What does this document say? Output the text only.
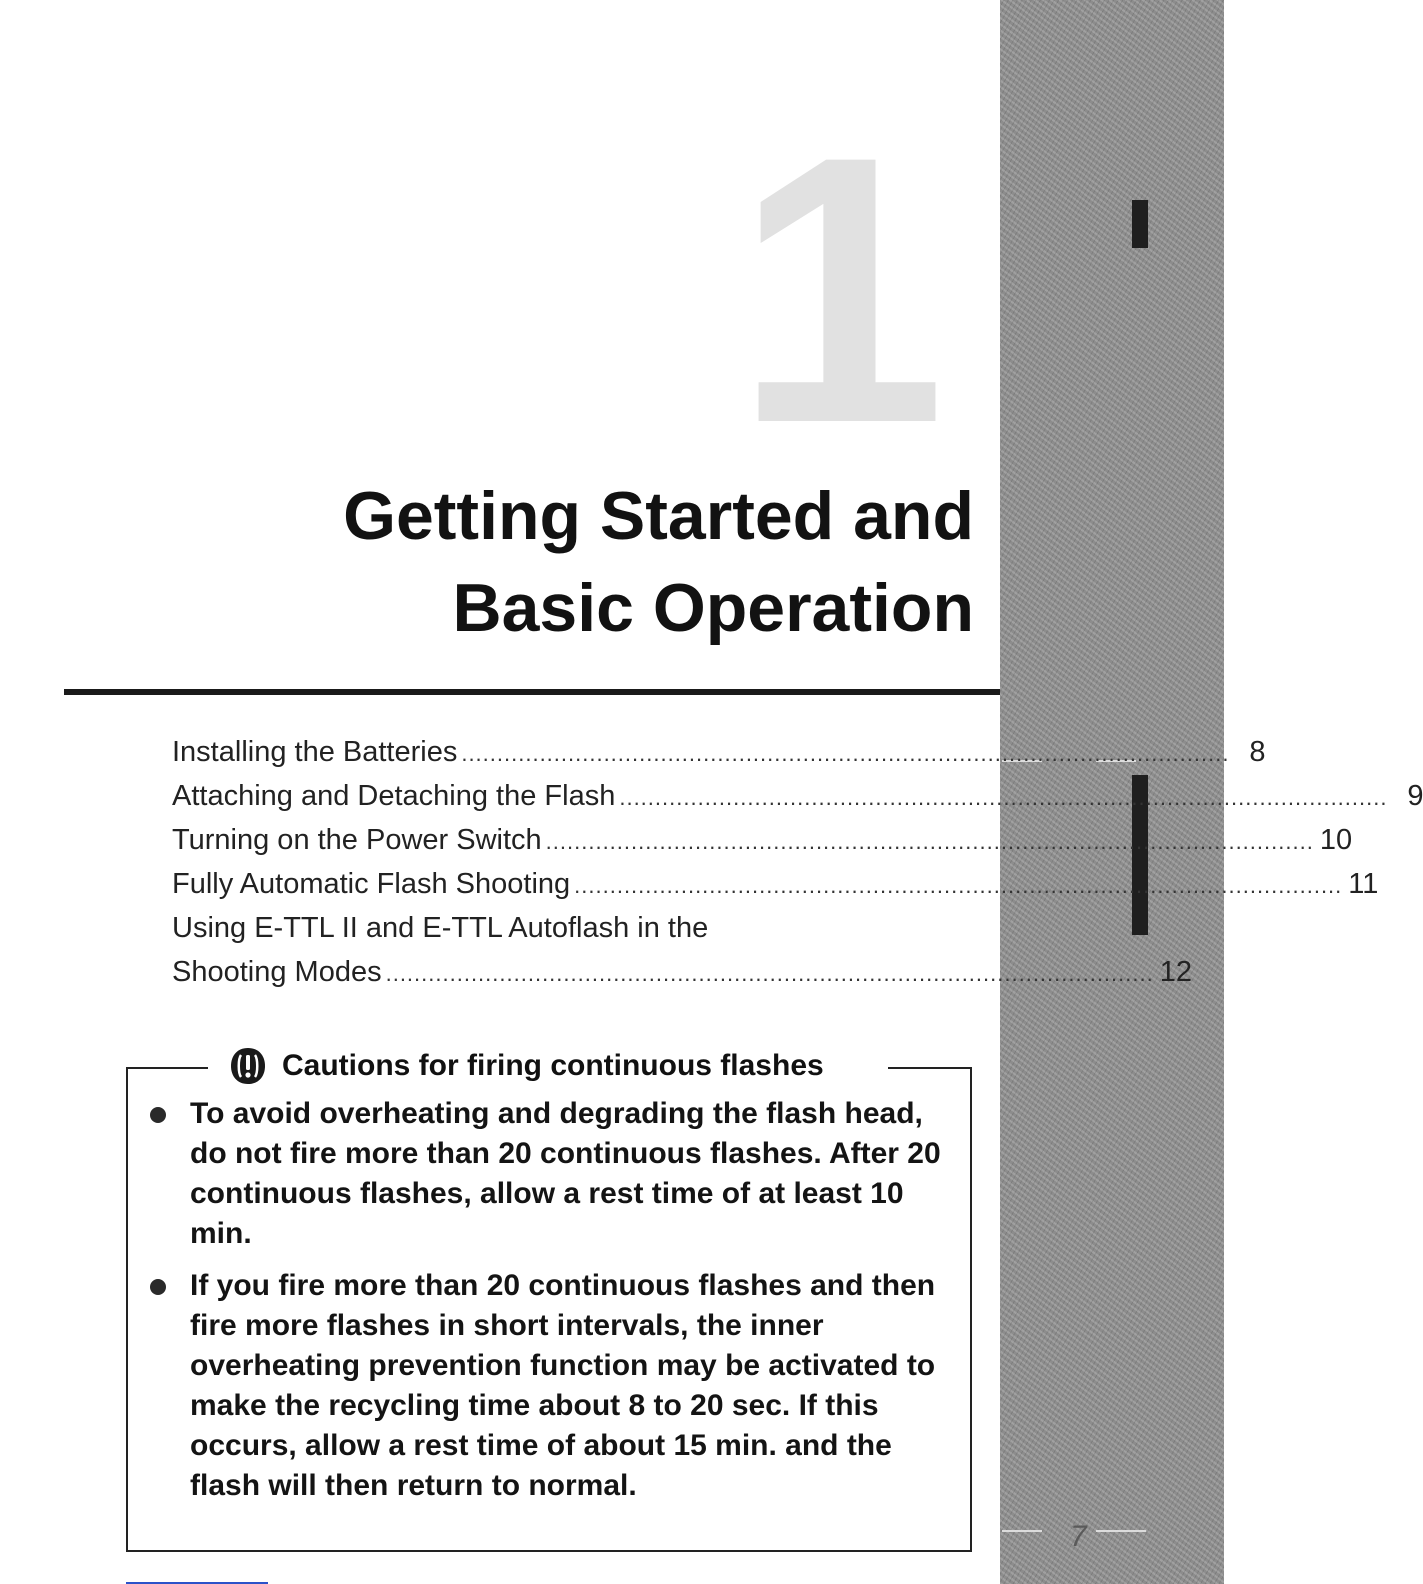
7
1
Getting Started and
Basic Operation
Installing the Batteries ............................................................................................................ 8
Attaching and Detaching the Flash ............................................................................................................ 9
Turning on the Power Switch ............................................................................................................ 10
Fully Automatic Flash Shooting ............................................................................................................ 11
Using E-TTL II and E-TTL Autoflash in the
Shooting Modes ............................................................................................................ 12
Cautions for firing continuous flashes
To avoid overheating and degrading the flash head, do not fire more than 20 continuous flashes. After 20 continuous flashes, allow a rest time of at least 10 min.
If you fire more than 20 continuous flashes and then fire more flashes in short intervals, the inner overheating prevention function may be activated to make the recycling time about 8 to 20 sec. If this occurs, allow a rest time of about 15 min. and the flash will then return to normal.
